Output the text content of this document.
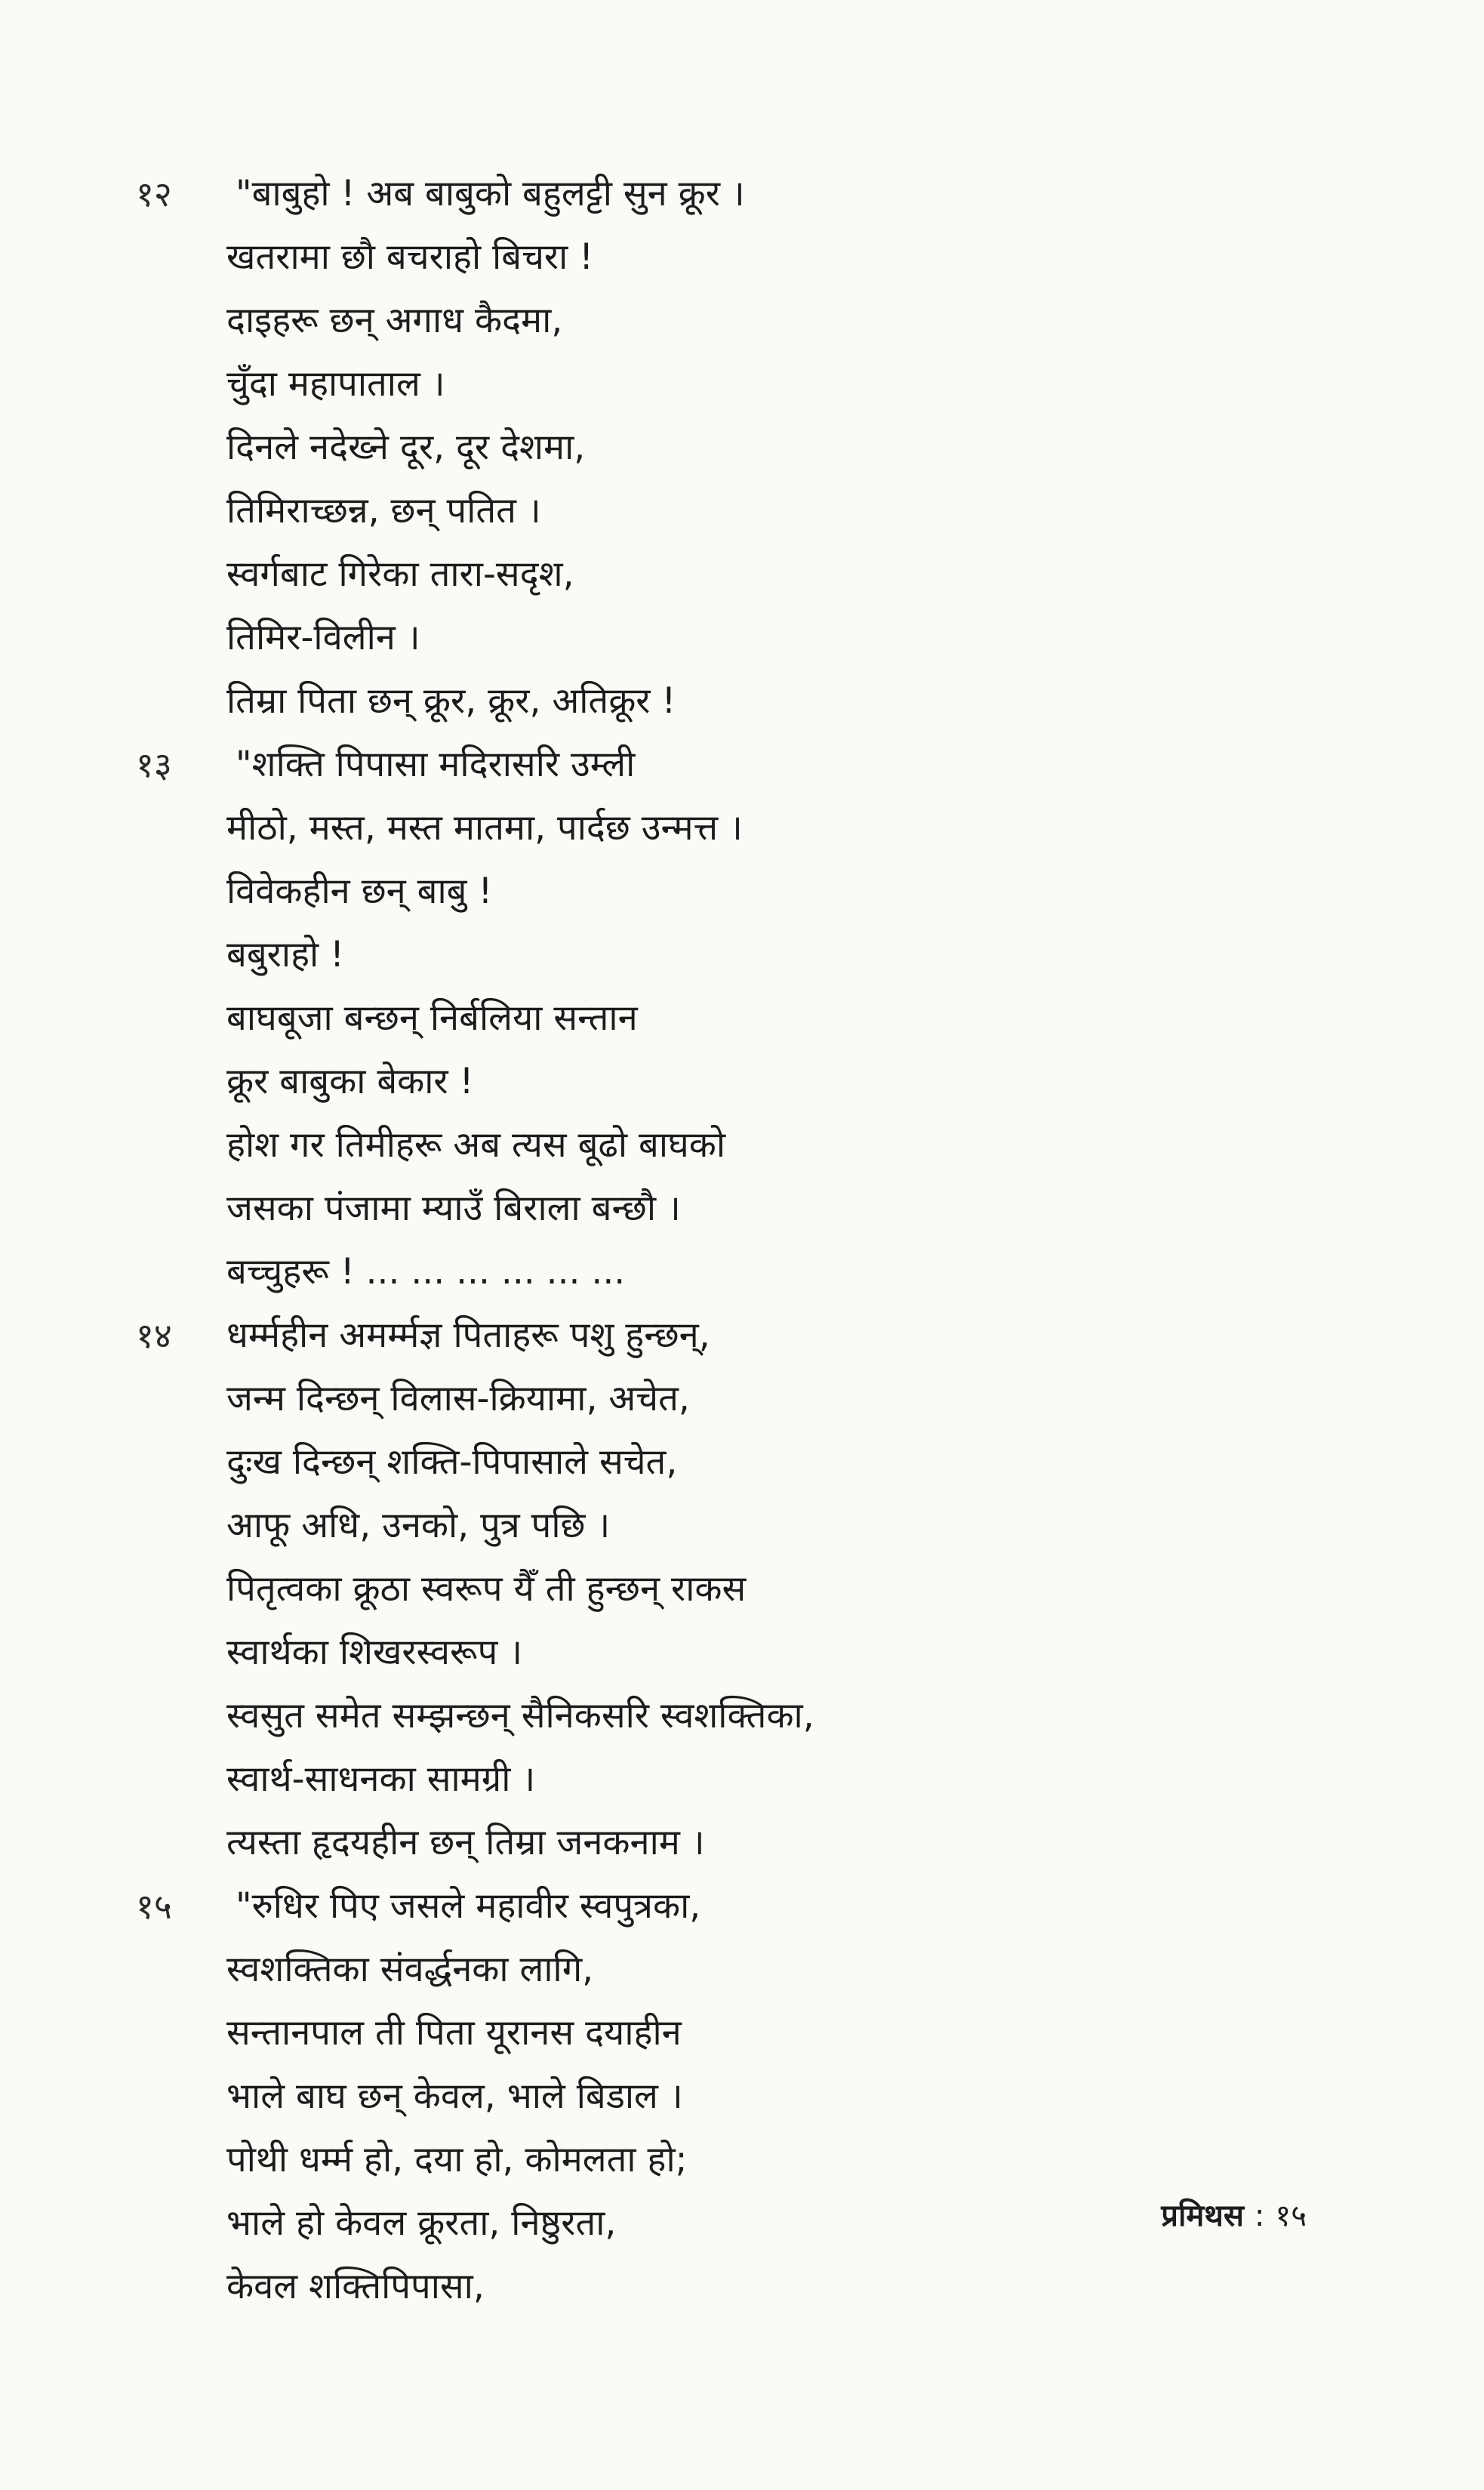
१२	"बाबुहो ! अब बाबुको बहुलट्टी सुन क्रूर ।
खतरामा छौ बचराहो बिचरा !
दाइहरू छन् अगाध कैदमा,
चुँदा महापाताल ।
दिनले नदेख्ने दूर, दूर देशमा,
तिमिराच्छन्न, छन् पतित ।
स्वर्गबाट गिरेका तारा-सदृश,
तिमिर-विलीन ।
तिम्रा पिता छन् क्रूर, क्रूर, अतिक्रूर !
१३	"शक्ति पिपासा मदिरासरि उम्ली
मीठो, मस्त, मस्त मातमा, पार्दछ उन्मत्त ।
विवेकहीन छन् बाबु !
बबुराहो !
बाघबूजा बन्छन् निर्बलिया सन्तान
क्रूर बाबुका बेकार !
होश गर तिमीहरू अब त्यस बूढो बाघको
जसका पंजामा म्याउँ बिराला बन्छौ ।
बच्चुहरू ! ... ... ... ... ... ...
१४	धर्म्महीन अमर्म्मज्ञ पिताहरू पशु हुन्छन्,
जन्म दिन्छन् विलास-क्रियामा, अचेत,
दुःख दिन्छन् शक्ति-पिपासाले सचेत,
आफू अधि, उनको, पुत्र पछि ।
पितृत्वका क्रूठा स्वरूप यैँ ती हुन्छन् राकस
स्वार्थका शिखरस्वरूप ।
स्वसुत समेत सम्झन्छन् सैनिकसरि स्वशक्तिका,
स्वार्थ-साधनका सामग्री ।
त्यस्ता हृदयहीन छन् तिम्रा जनकनाम ।
१५	"रुधिर पिए जसले महावीर स्वपुत्रका,
स्वशक्तिका संवर्द्धनका लागि,
सन्तानपाल ती पिता यूरानस दयाहीन
भाले बाघ छन् केवल, भाले बिडाल ।
पोथी धर्म्म हो, दया हो, कोमलता हो;
भाले हो केवल क्रूरता, निष्ठुरता,
केवल शक्तिपिपासा,
प्रमिथस : १५
